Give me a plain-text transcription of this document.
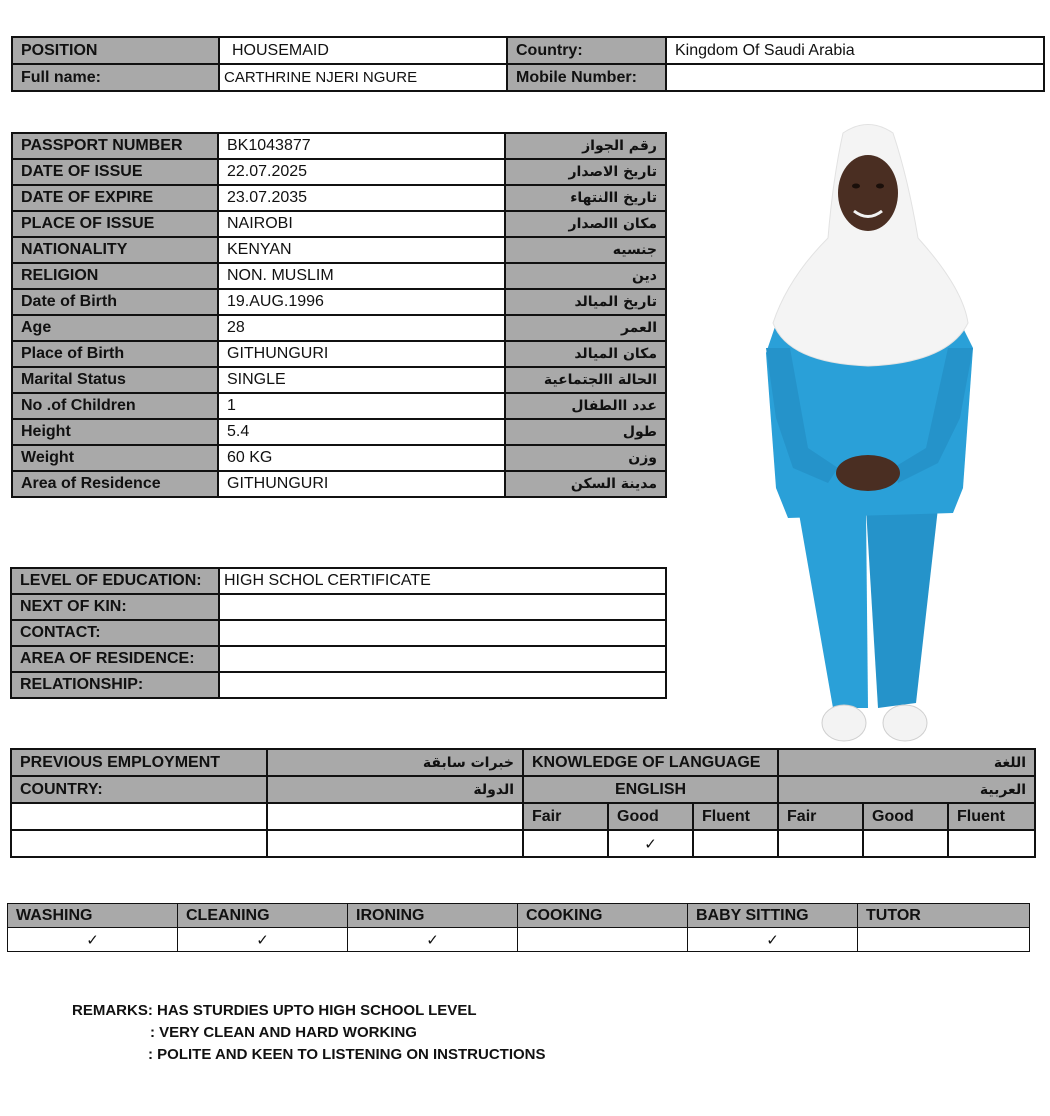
POSITION	HOUSEMAID	Country:	Kingdom Of Saudi Arabia
Full name:	CARTHRINE NJERI NGURE	Mobile Number:	
PASSPORT NUMBER	BK1043877	رقم الجواز
DATE OF ISSUE	22.07.2025	تاريخ الاصدار
DATE OF EXPIRE	23.07.2035	تاريخ االنتهاء
PLACE OF ISSUE	NAIROBI	مكان االصدار
NATIONALITY	KENYAN	جنسيه
RELIGION	NON. MUSLIM	دين
Date of Birth	19.AUG.1996	تاريخ الميالد
Age	28	العمر
Place of Birth	GITHUNGURI	مكان الميالد
Marital Status	SINGLE	الحالة االجتماعية
No .of Children	1	عدد االطفال
Height	5.4	طول
Weight	60 KG	وزن
Area of Residence	GITHUNGURI	مدينة السكن
LEVEL OF EDUCATION:	HIGH SCHOL CERTIFICATE
NEXT OF KIN:	
CONTACT:	
AREA OF RESIDENCE:	
RELATIONSHIP:	
PREVIOUS EMPLOYMENT	خبرات سابقة	KNOWLEDGE OF LANGUAGE			اللغة		
COUNTRY:	الدولة	ENGLISH			العربية		
		Fair	Good	Fluent	Fair	Good	Fluent
			✓				
WASHING	CLEANING	IRONING	COOKING	BABY SITTING	TUTOR
✓	✓	✓		✓	
REMARKS: HAS STURDIES UPTO HIGH SCHOOL LEVEL
: VERY CLEAN AND HARD WORKING
: POLITE AND KEEN TO LISTENING ON INSTRUCTIONS
